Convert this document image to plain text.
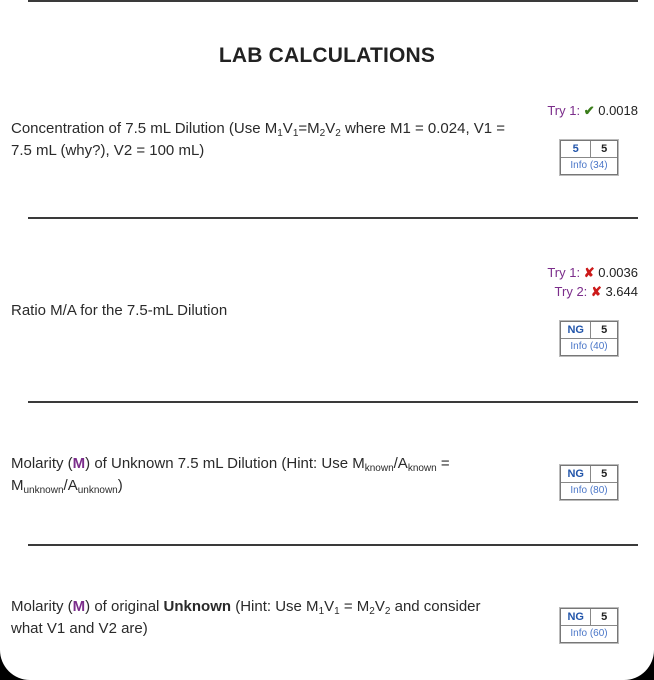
LAB CALCULATIONS
Try 1: ✔ 0.0018
Concentration of 7.5 mL Dilution (Use $M_1V_1=M_2V_2$ where M1 = 0.024, V1 =
7.5 mL (why?), V2 = 100 mL)	5	5
Info (34)
Try 1: ✘ 0.0036
Try 2: ✘ 3.644
Ratio M/A for the 7.5-mL Dilution
NG	5
Info (40)
Molarity (M) of Unknown 7.5 mL Dilution (Hint: Use $M_{known}/A_{known}$ =
$M_{unknown}/A_{unknown}$)
NG	5
Info (80)
Molarity (M) of original Unknown (Hint: Use $M_1V_1 = M_2V_2$ and consider
what V1 and V2 are)
NG	5
Info (60)
